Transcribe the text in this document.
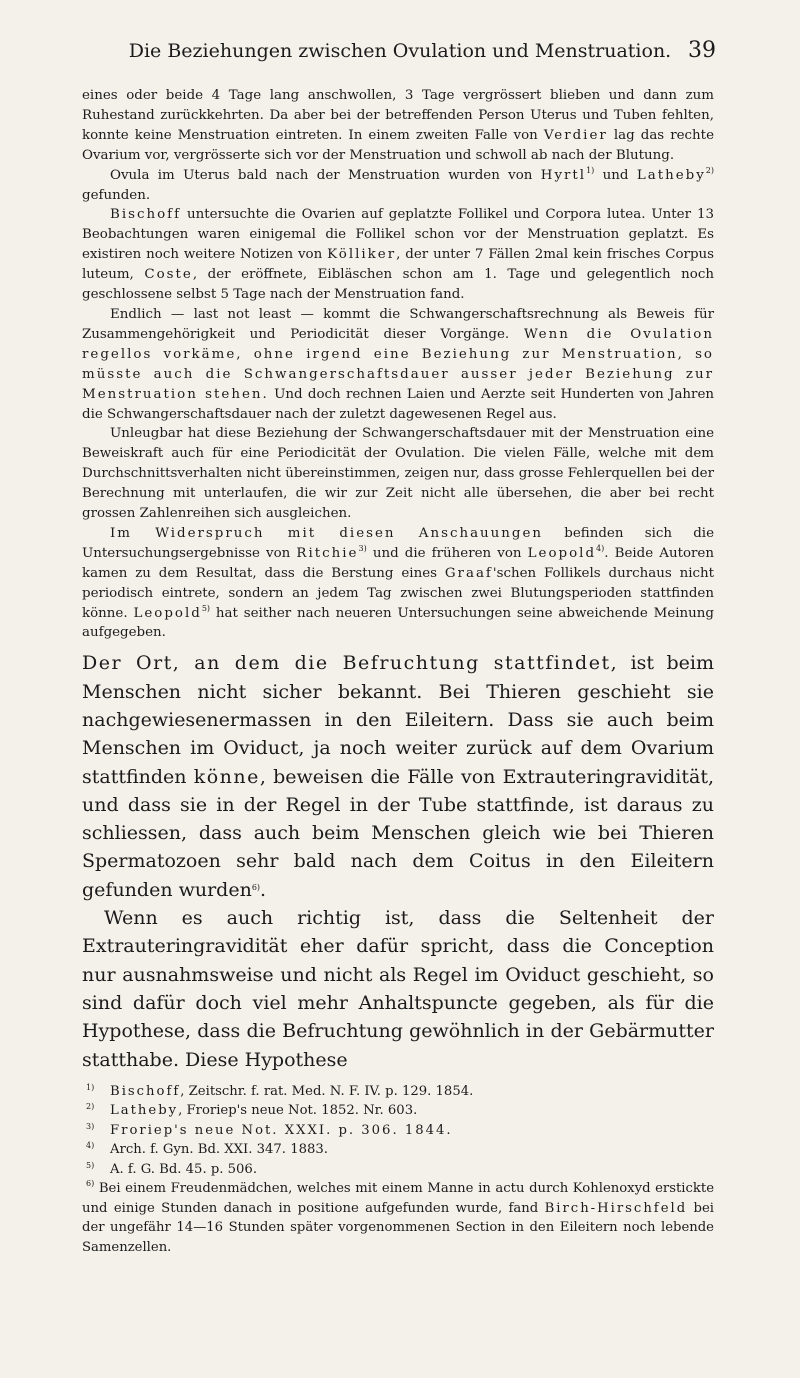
Die Beziehungen zwischen Ovulation und Menstruation. 39

eines oder beide 4 Tage lang anschwollen, 3 Tage vergrössert blieben und dann zum Ruhestand zurückkehrten. Da aber bei der betreffenden Person Uterus und Tuben fehlten, konnte keine Menstruation eintreten. In einem zweiten Falle von Verdier lag das rechte Ovarium vor, vergrösserte sich vor der Menstruation und schwoll ab nach der Blutung.

Ovula im Uterus bald nach der Menstruation wurden von Hyrtl$^{1)}$ und Latheby$^{2)}$ gefunden.

Bischoff untersuchte die Ovarien auf geplatzte Follikel und Corpora lutea. Unter 13 Beobachtungen waren einigemal die Follikel schon vor der Menstruation geplatzt. Es existiren noch weitere Notizen von Kölliker, der unter 7 Fällen 2mal kein frisches Corpus luteum, Coste, der eröffnete, Eibläschen schon am 1. Tage und gelegentlich noch geschlossene selbst 5 Tage nach der Menstruation fand.

Endlich — last not least — kommt die Schwangerschaftsrechnung als Beweis für Zusammengehörigkeit und Periodicität dieser Vorgänge. Wenn die Ovulation regellos vorkäme, ohne irgend eine Beziehung zur Menstruation, so müsste auch die Schwangerschaftsdauer ausser jeder Beziehung zur Menstruation stehen. Und doch rechnen Laien und Aerzte seit Hunderten von Jahren die Schwangerschaftsdauer nach der zuletzt dagewesenen Regel aus.

Unleugbar hat diese Beziehung der Schwangerschaftsdauer mit der Menstruation eine Beweiskraft auch für eine Periodicität der Ovulation. Die vielen Fälle, welche mit dem Durchschnittsverhalten nicht übereinstimmen, zeigen nur, dass grosse Fehlerquellen bei der Berechnung mit unterlaufen, die wir zur Zeit nicht alle übersehen, die aber bei recht grossen Zahlenreihen sich ausgleichen.

Im Widerspruch mit diesen Anschauungen befinden sich die Untersuchungsergebnisse von Ritchie$^{3)}$ und die früheren von Leopold$^{4)}$. Beide Autoren kamen zu dem Resultat, dass die Berstung eines Graaf'schen Follikels durchaus nicht periodisch eintrete, sondern an jedem Tag zwischen zwei Blutungsperioden stattfinden könne. Leopold$^{5)}$ hat seither nach neueren Untersuchungen seine abweichende Meinung aufgegeben.

Der Ort, an dem die Befruchtung stattfindet, ist beim Menschen nicht sicher bekannt. Bei Thieren geschieht sie nachgewiesenermassen in den Eileitern. Dass sie auch beim Menschen im Oviduct, ja noch weiter zurück auf dem Ovarium stattfinden könne, beweisen die Fälle von Extrauteringravidität, und dass sie in der Regel in der Tube stattfinde, ist daraus zu schliessen, dass auch beim Menschen gleich wie bei Thieren Spermatozoen sehr bald nach dem Coitus in den Eileitern gefunden wurden$^{6)}$.

Wenn es auch richtig ist, dass die Seltenheit der Extrauteringravidität eher dafür spricht, dass die Conception nur ausnahmsweise und nicht als Regel im Oviduct geschieht, so sind dafür doch viel mehr Anhaltspuncte gegeben, als für die Hypothese, dass die Befruchtung gewöhnlich in der Gebärmutter statthabe. Diese Hypothese

$^{1)}$	Bischoff, Zeitschr. f. rat. Med. N. F. IV. p. 129. 1854.
$^{2)}$	Latheby, Froriep's neue Not. 1852. Nr. 603.
$^{3)}$	Froriep's neue Not. XXXI. p. 306. 1844.
$^{4)}$	Arch. f. Gyn. Bd. XXI. 347. 1883.
$^{5)}$	A. f. G. Bd. 45. p. 506.
$^{6)}$ Bei einem Freudenmädchen, welches mit einem Manne in actu durch Kohlenoxyd erstickte und einige Stunden danach in positione aufgefunden wurde, fand Birch-Hirschfeld bei der ungefähr 14—16 Stunden später vorgenommenen Section in den Eileitern noch lebende Samenzellen.
